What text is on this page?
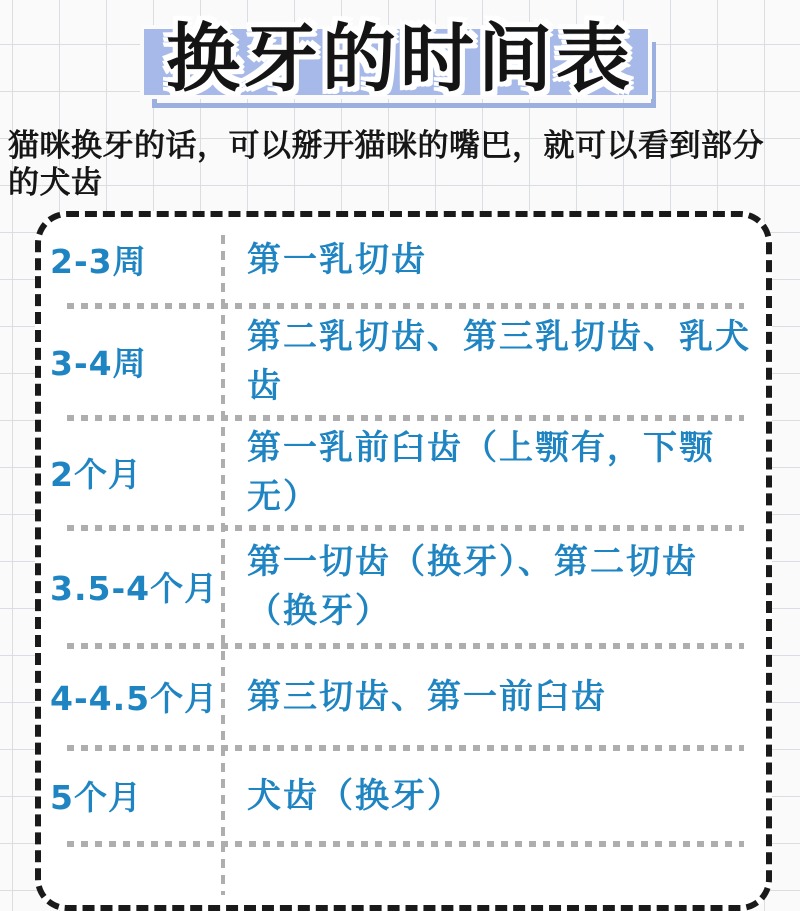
换牙的时间表

猫咪换牙的话，可以掰开猫咪的嘴巴，就可以看到部分的犬齿

2-3周	第一乳切齿
3-4周
第二乳切齿、第三乳切齿、乳犬齿
2个月
第一乳前臼齿（上颚有，下颚无）
3.5-4个月
第一切齿（换牙）、第二切齿（换牙）
4-4.5个月 第三切齿、第一前臼齿
5个月	犬齿（换牙）
